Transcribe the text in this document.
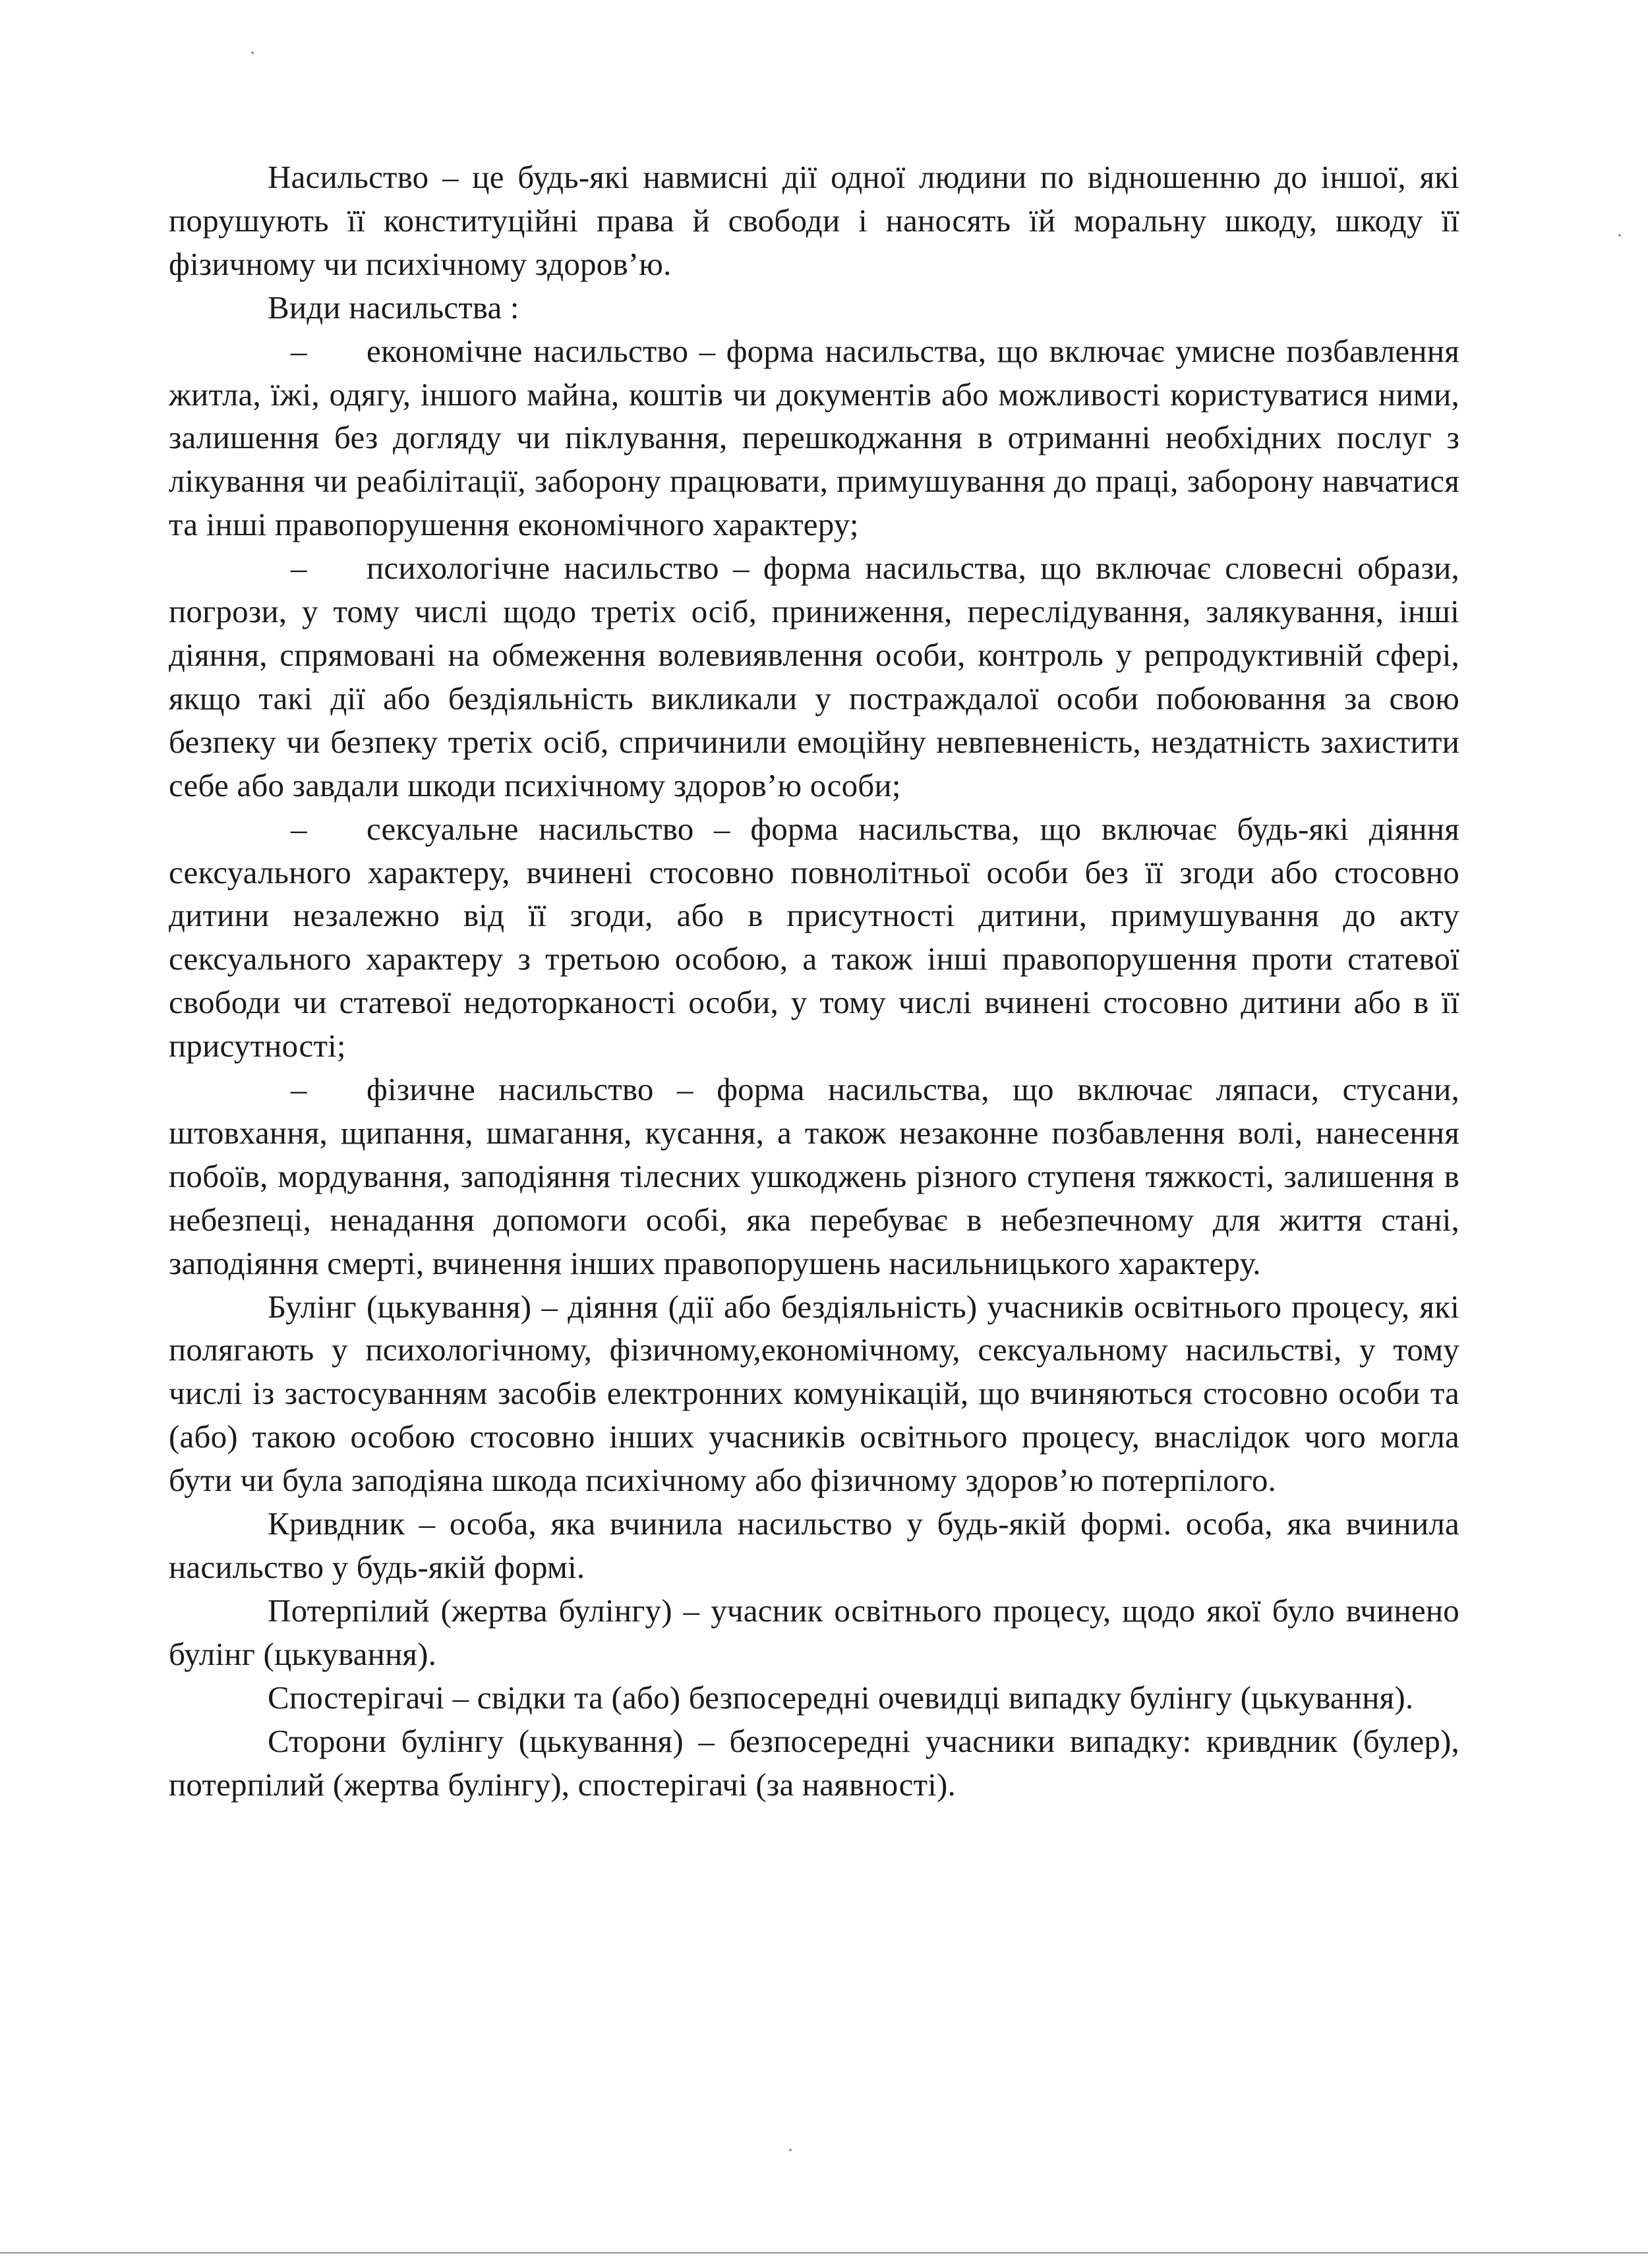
Насильство – це будь-які навмисні дії одної людини по відношенню до іншої, які порушують її конституційні права й свободи і наносять їй моральну шкоду, шкоду її фізичному чи психічному здоров’ю.

Види насильства :

– економічне насильство – форма насильства, що включає умисне позбавлення житла, їжі, одягу, іншого майна, коштів чи документів або можливості користуватися ними, залишення без догляду чи піклування, перешкоджання в отриманні необхідних послуг з лікування чи реабілітації, заборону працювати, примушування до праці, заборону навчатися та інші правопорушення економічного характеру;

– психологічне насильство – форма насильства, що включає словесні образи, погрози, у тому числі щодо третіх осіб, приниження, переслідування, залякування, інші діяння, спрямовані на обмеження волевиявлення особи, контроль у репродуктивній сфері, якщо такі дії або бездіяльність викликали у постраждалої особи побоювання за свою безпеку чи безпеку третіх осіб, спричинили емоційну невпевненість, нездатність захистити себе або завдали шкоди психічному здоров’ю особи;

– сексуальне насильство – форма насильства, що включає будь-які діяння сексуального характеру, вчинені стосовно повнолітньої особи без її згоди або стосовно дитини незалежно від її згоди, або в присутності дитини, примушування до акту сексуального характеру з третьою особою, а також інші правопорушення проти статевої свободи чи статевої недоторканості особи, у тому числі вчинені стосовно дитини або в її присутності;

– фізичне насильство – форма насильства, що включає ляпаси, стусани, штовхання, щипання, шмагання, кусання, а також незаконне позбавлення волі, нанесення побоїв, мордування, заподіяння тілесних ушкоджень різного ступеня тяжкості, залишення в небезпеці, ненадання допомоги особі, яка перебуває в небезпечному для життя стані, заподіяння смерті, вчинення інших правопорушень насильницького характеру.

Булінг (цькування) – діяння (дії або бездіяльність) учасників освітнього процесу, які полягають у психологічному, фізичному,економічному, сексуальному насильстві, у тому числі із застосуванням засобів електронних комунікацій, що вчиняються стосовно особи та (або) такою особою стосовно інших учасників освітнього процесу, внаслідок чого могла бути чи була заподіяна шкода психічному або фізичному здоров’ю потерпілого.

Кривдник – особа, яка вчинила насильство у будь-якій формі. особа, яка вчинила насильство у будь-якій формі.

Потерпілий (жертва булінгу) – учасник освітнього процесу, щодо якої було вчинено булінг (цькування).

Спостерігачі – свідки та (або) безпосередні очевидці випадку булінгу (цькування).

Сторони булінгу (цькування) – безпосередні учасники випадку: кривдник (булер), потерпілий (жертва булінгу), спостерігачі (за наявності).
